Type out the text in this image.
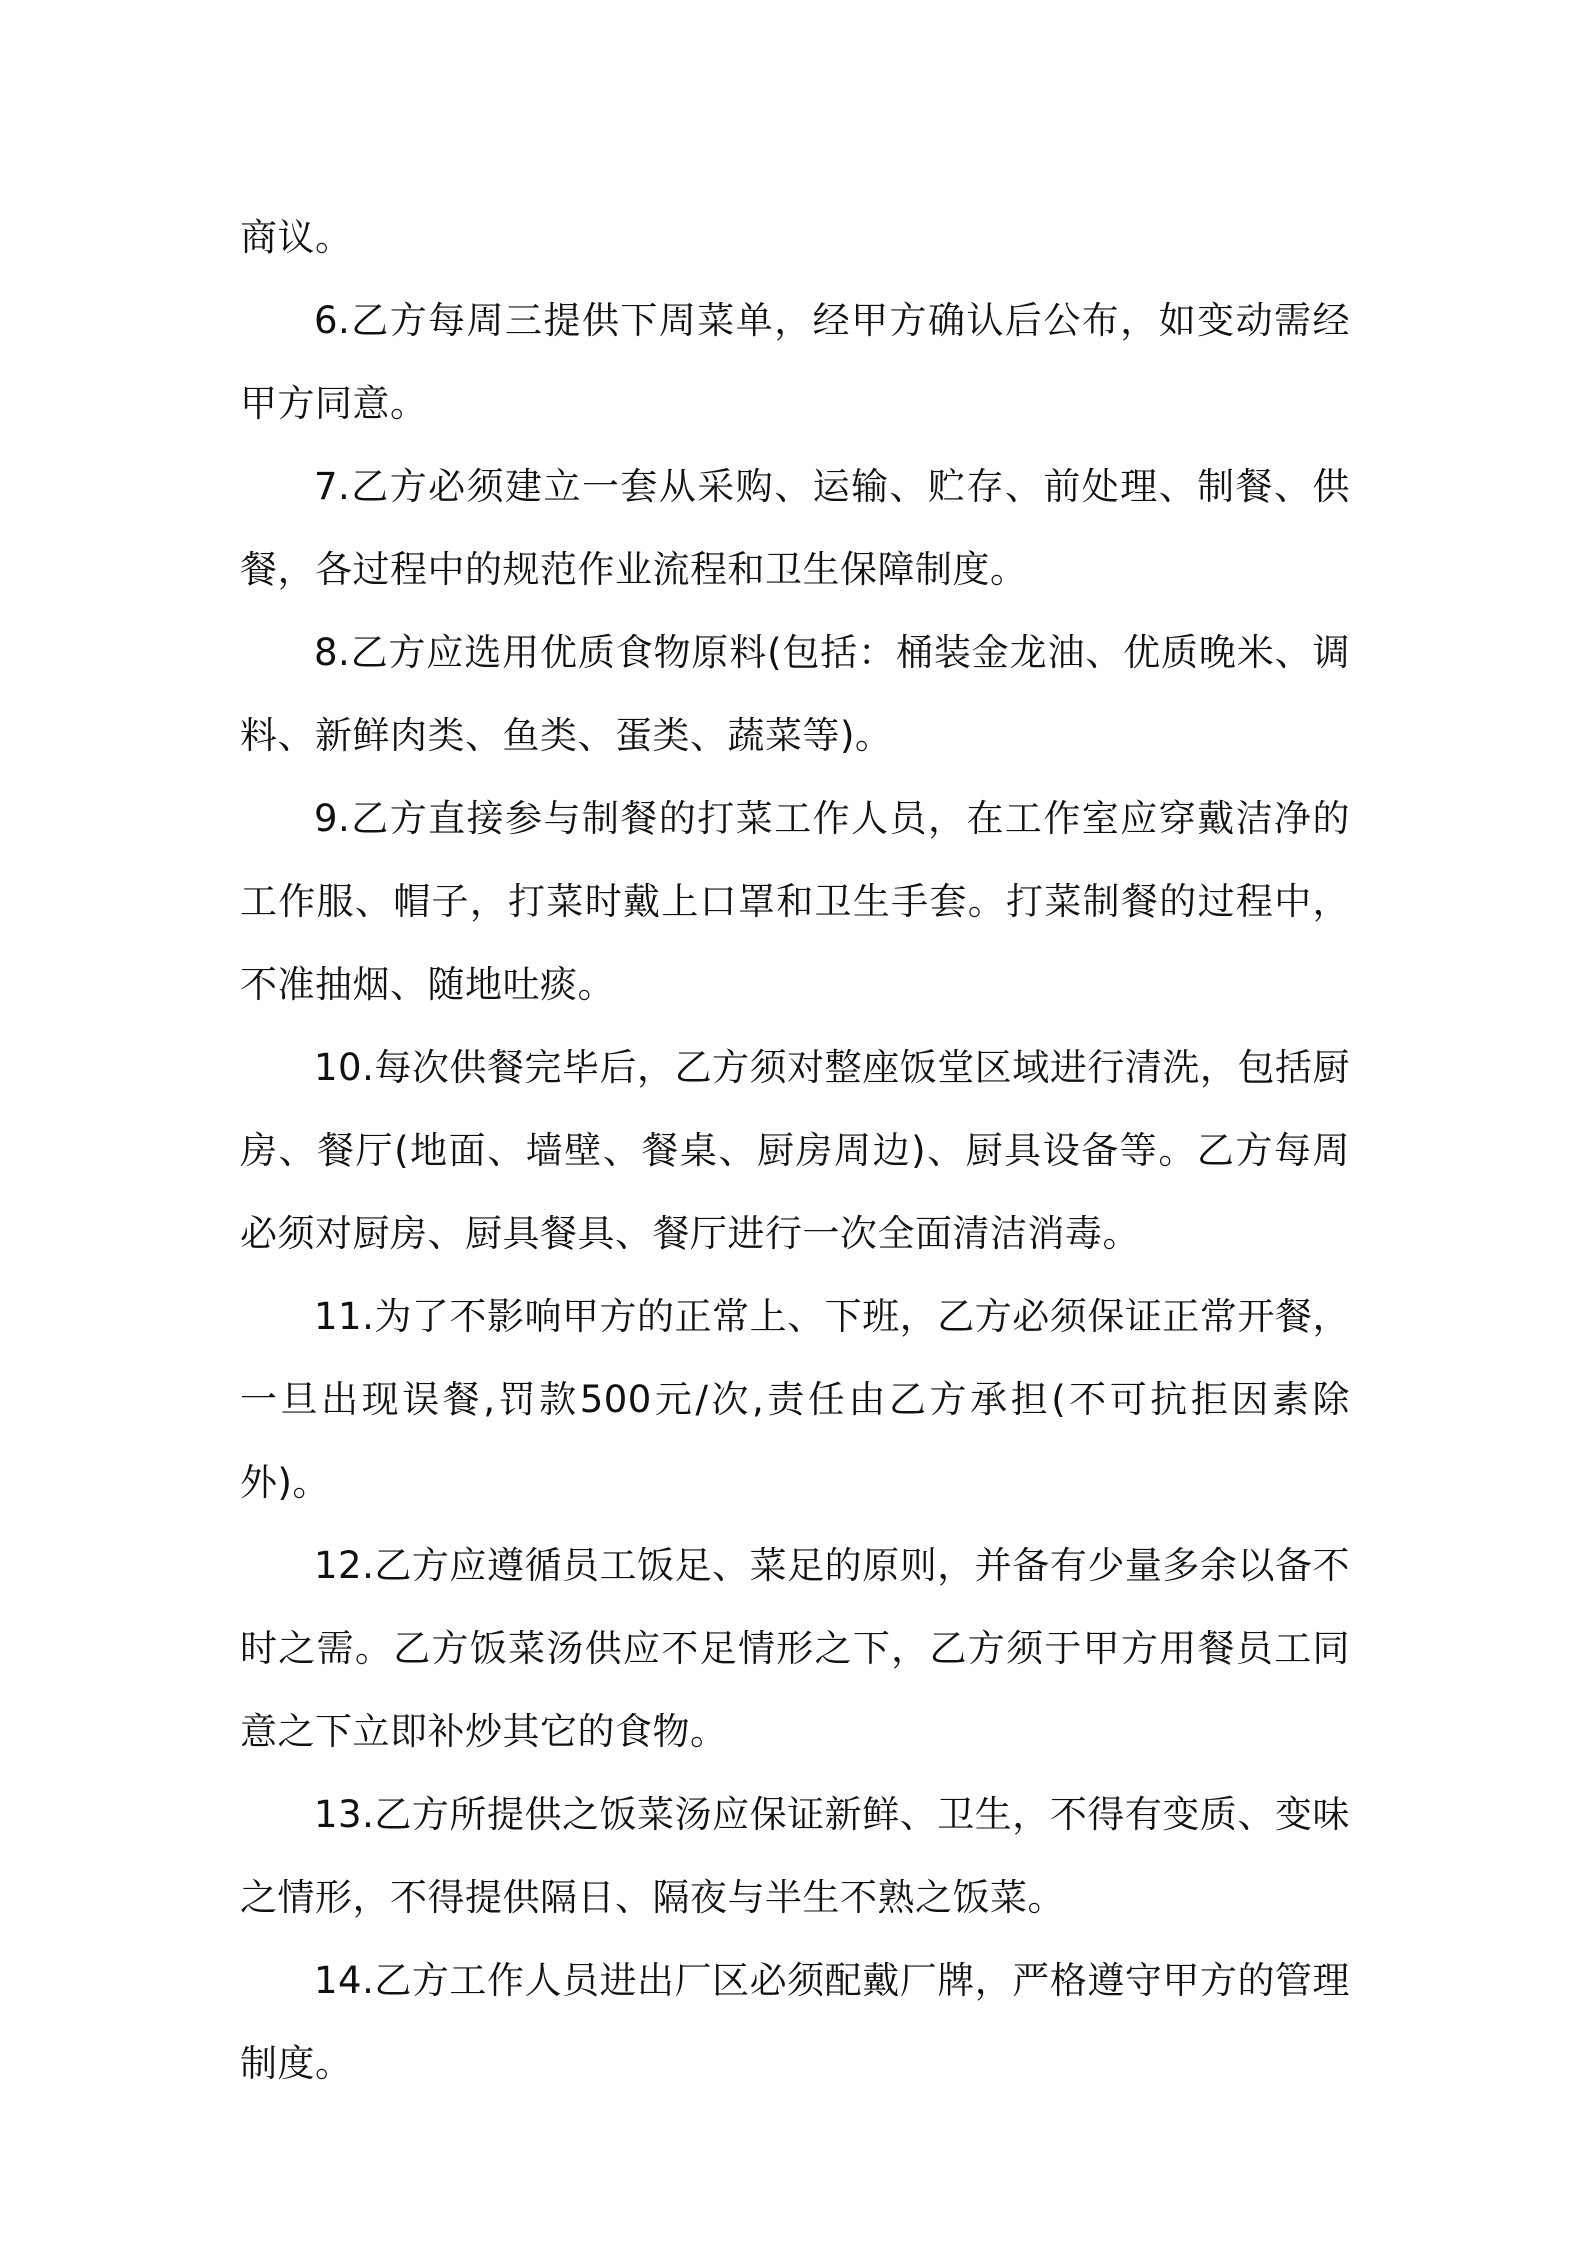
商议。

6.乙方每周三提供下周菜单，经甲方确认后公布，如变动需经甲方同意。

7.乙方必须建立一套从采购、运输、贮存、前处理、制餐、供餐，各过程中的规范作业流程和卫生保障制度。

8.乙方应选用优质食物原料(包括：桶装金龙油、优质晚米、调料、新鲜肉类、鱼类、蛋类、蔬菜等)。

9.乙方直接参与制餐的打菜工作人员，在工作室应穿戴洁净的工作服、帽子，打菜时戴上口罩和卫生手套。打菜制餐的过程中，不准抽烟、随地吐痰。

10.每次供餐完毕后，乙方须对整座饭堂区域进行清洗，包括厨房、餐厅(地面、墙壁、餐桌、厨房周边)、厨具设备等。乙方每周必须对厨房、厨具餐具、餐厅进行一次全面清洁消毒。

11.为了不影响甲方的正常上、下班，乙方必须保证正常开餐，一旦出现误餐,罚款500元/次,责任由乙方承担(不可抗拒因素除外)。

12.乙方应遵循员工饭足、菜足的原则，并备有少量多余以备不时之需。乙方饭菜汤供应不足情形之下，乙方须于甲方用餐员工同意之下立即补炒其它的食物。

13.乙方所提供之饭菜汤应保证新鲜、卫生，不得有变质、变味之情形，不得提供隔日、隔夜与半生不熟之饭菜。

14.乙方工作人员进出厂区必须配戴厂牌，严格遵守甲方的管理制度。
